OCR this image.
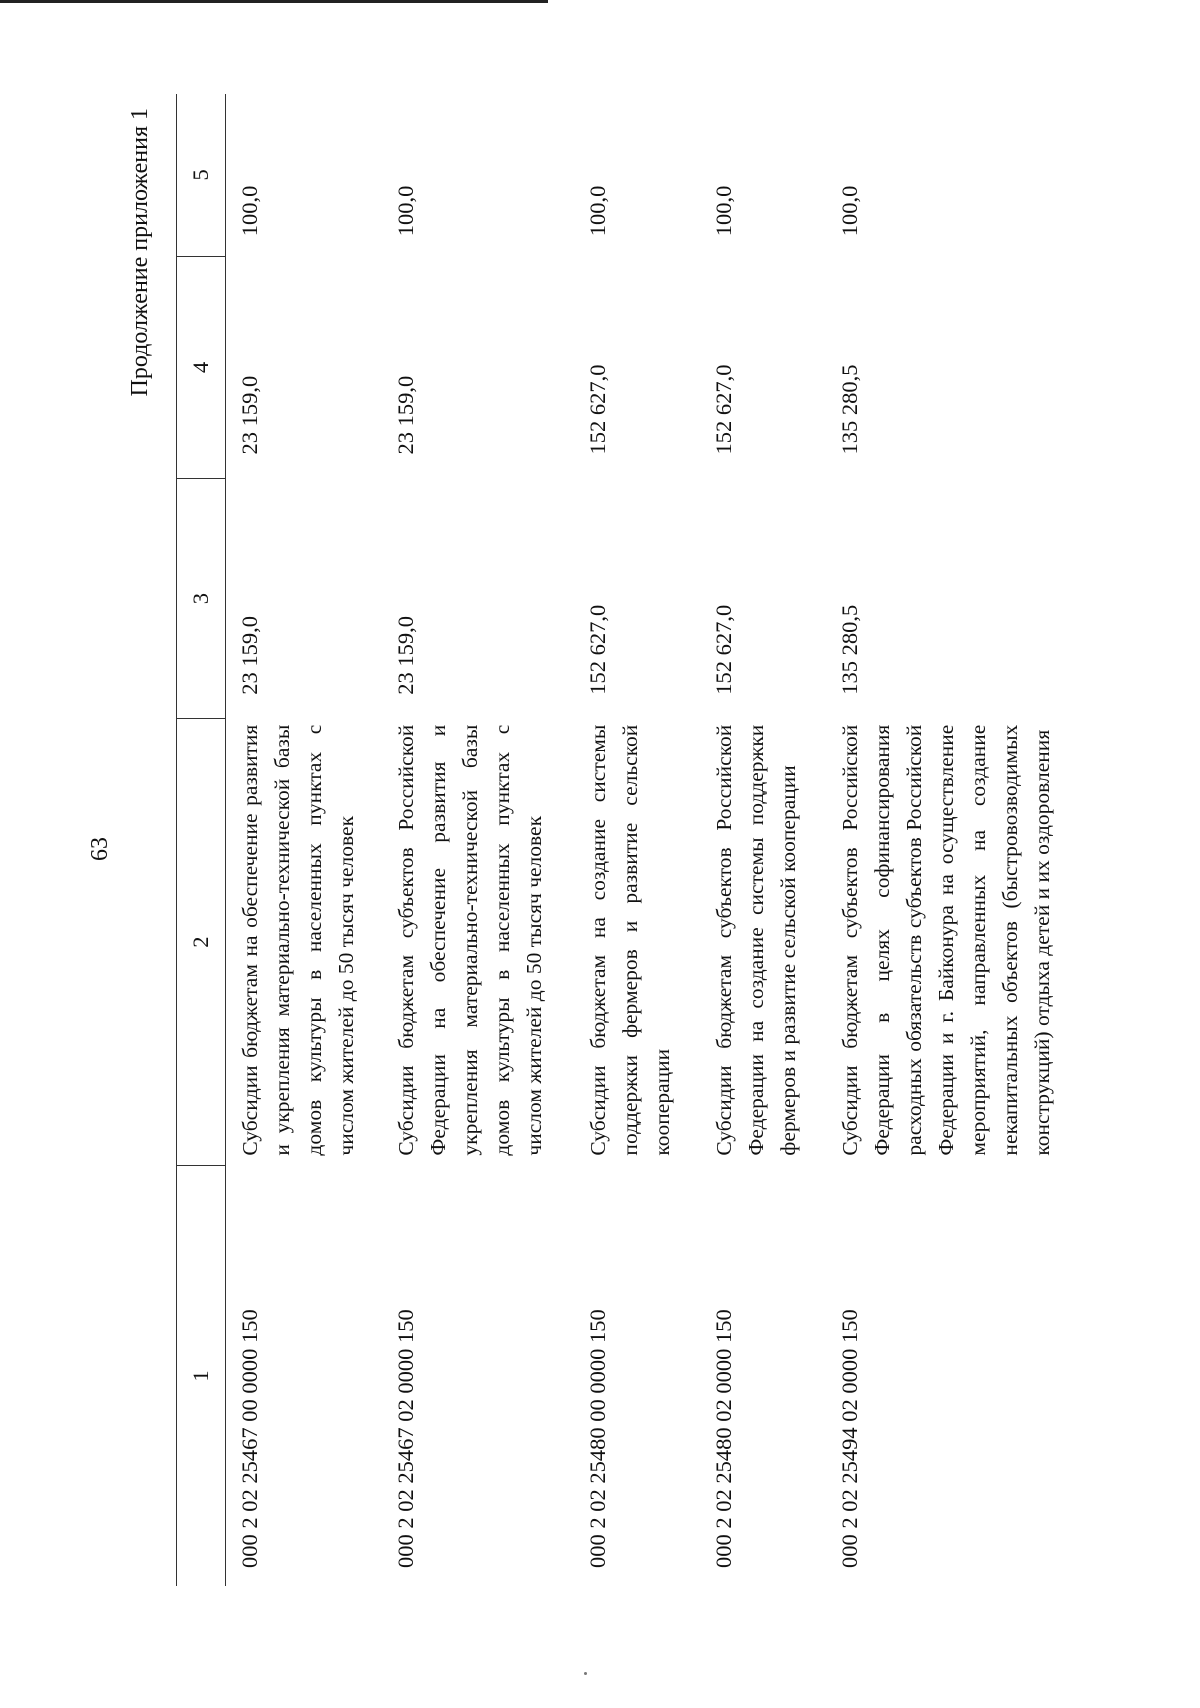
63
Продолжение приложения 1
1	2	3	4	5
000 2 02 25467 00 0000 150	Субсидии бюджетам на обеспечение развития и укрепления материально-технической базы домов культуры в населенных пунктах с числом жителей до 50 тысяч человек	23 159,0	23 159,0	100,0
000 2 02 25467 02 0000 150	Субсидии бюджетам субъектов Российской Федерации на обеспечение развития и укрепления материально-технической базы домов культуры в населенных пунктах с числом жителей до 50 тысяч человек	23 159,0	23 159,0	100,0
000 2 02 25480 00 0000 150	Субсидии бюджетам на создание системы поддержки фермеров и развитие сельской кооперации	152 627,0	152 627,0	100,0
000 2 02 25480 02 0000 150	Субсидии бюджетам субъектов Российской Федерации на создание системы поддержки фермеров и развитие сельской кооперации	152 627,0	152 627,0	100,0
000 2 02 25494 02 0000 150	Субсидии бюджетам субъектов Российской Федерации в целях софинансирования расходных обязательств субъектов Российской Федерации и г. Байконура на осуществление мероприятий, направленных на создание некапитальных объектов (быстровозводимых конструкций) отдыха детей и их оздоровления	135 280,5	135 280,5	100,0
